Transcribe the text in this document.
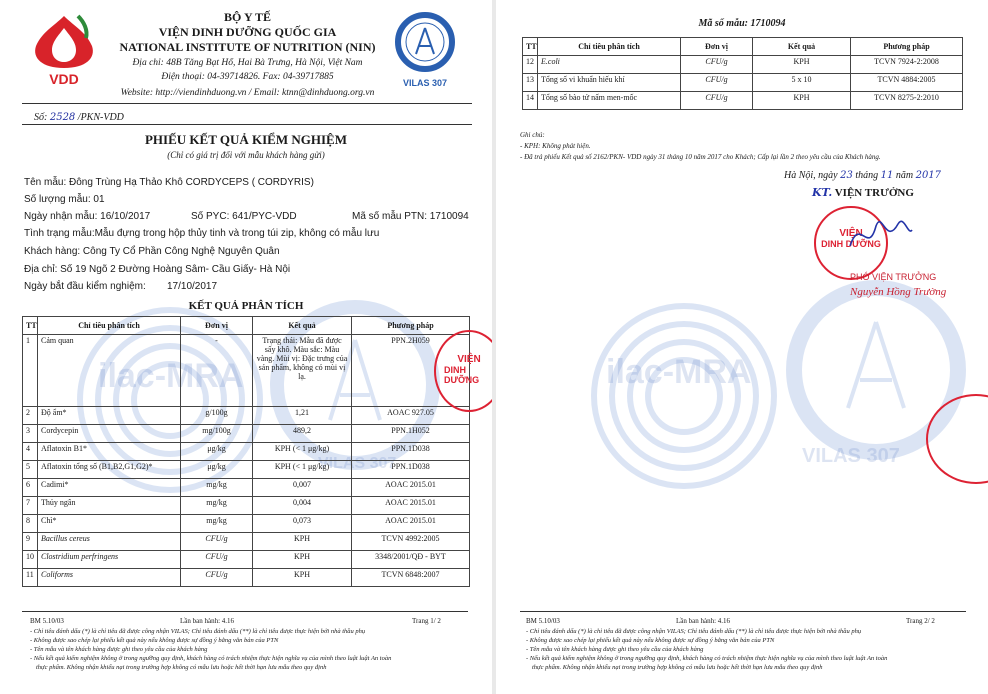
ilac-MRA
VILAS 307
VDD
BỘ Y TẾ
VIỆN DINH DƯỠNG QUỐC GIA
NATIONAL INSTITUTE OF NUTRITION (NIN)
Địa chỉ: 48B Tăng Bạt Hổ, Hai Bà Trưng, Hà Nội, Việt Nam
Điện thoại: 04-39714826. Fax: 04-39717885
Website: http://viendinhduong.vn / Email: ktnn@dinhduong.org.vn
VILAS 307
Số: 2528 /PKN-VDD
PHIẾU KẾT QUẢ KIỂM NGHIỆM
(Chỉ có giá trị đối với mẫu khách hàng gửi)
Tên mẫu: Đông Trùng Hạ Thảo Khô CORDYCEPS ( CORDYRIS)
Số lượng mẫu: 01
Ngày nhận mẫu: 16/10/2017	Số PYC: 641/PYC-VDD	Mã số mẫu PTN: 1710094
Tình trạng mẫu:Mẫu đựng trong hộp thủy tinh và trong túi zip, không có mẫu lưu
Khách hàng: Công Ty Cổ Phần Công Nghệ Nguyên Quân
Địa chỉ: Số 19 Ngõ 2 Đường Hoàng Sâm- Cầu Giấy- Hà Nội
Ngày bắt đầu kiểm nghiệm: 17/10/2017
KẾT QUẢ PHÂN TÍCH
TT	Chỉ tiêu phân tích	Đơn vị	Kết quả	Phương pháp
1	Cảm quan	-	Trạng thái: Mẫu đã được sấy khô. Màu sắc: Màu vàng. Mùi vị: Đặc trưng của sản phẩm, không có mùi vị lạ.	PPN.2H059
2	Độ ẩm*	g/100g	1,21	AOAC 927.05
3	Cordycepin	mg/100g	489,2	PPN.1H052
4	Aflatoxin B1*	μg/kg	KPH (< 1 μg/kg)	PPN.1D038
5	Aflatoxin tổng số (B1,B2,G1,G2)*	μg/kg	KPH (< 1 μg/kg)	PPN.1D038
6	Cadimi*	mg/kg	0,007	AOAC 2015.01
7	Thủy ngân	mg/kg	0,004	AOAC 2015.01
8	Chì*	mg/kg	0,073	AOAC 2015.01
9	Bacillus cereus	CFU/g	KPH	TCVN 4992:2005
10	Clostridium perfringens	CFU/g	KPH	3348/2001/QĐ - BYT
11	Coliforms	CFU/g	KPH	TCVN 6848:2007
VIỆN
DINH DƯỠNG
BM 5.10/03	Lần ban hành: 4.16	Trang 1/ 2
- Chỉ tiêu đánh dấu (*) là chỉ tiêu đã được công nhận VILAS; Chỉ tiêu đánh dấu (**) là chỉ tiêu được thực hiện bởi nhà thầu phụ
- Không được sao chép lại phiếu kết quả này nếu không được sự đồng ý bằng văn bản của PTN
- Tên mẫu và tên khách hàng được ghi theo yêu cầu của khách hàng
- Nếu kết quả kiểm nghiệm không ở trong ngưỡng quy định, khách hàng có trách nhiệm thực hiện nghĩa vụ của mình theo luật luật An toàn
thực phẩm. Không nhận khiếu nại trong trường hợp không có mẫu lưu hoặc hết thời hạn lưu mẫu theo quy định
ilac-MRA
VILAS 307
Mã số mẫu: 1710094
TT	Chỉ tiêu phân tích	Đơn vị	Kết quả	Phương pháp
12	E.coli	CFU/g	KPH	TCVN 7924-2:2008
13	Tổng số vi khuẩn hiếu khí	CFU/g	5 x 10	TCVN 4884:2005
14	Tổng số bào tử nấm men-mốc	CFU/g	KPH	TCVN 8275-2:2010
Ghi chú:
- KPH: Không phát hiện.
- Đã trả phiếu Kết quả số 2162/PKN- VDD ngày 31 tháng 10 năm 2017 cho Khách; Cấp lại lần 2 theo yêu cầu của Khách hàng.
Hà Nội, ngày 23 tháng 11 năm 2017
KT. VIỆN TRƯỞNG
VIỆN
DINH DƯỠNG
PHÓ VIỆN TRƯỞNG
Nguyễn Hồng Trường
BM 5.10/03	Lần ban hành: 4.16	Trang 2/ 2
- Chỉ tiêu đánh dấu (*) là chỉ tiêu đã được công nhận VILAS; Chỉ tiêu đánh dấu (**) là chỉ tiêu được thực hiện bởi nhà thầu phụ
- Không được sao chép lại phiếu kết quả này nếu không được sự đồng ý bằng văn bản của PTN
- Tên mẫu và tên khách hàng được ghi theo yêu cầu của khách hàng
- Nếu kết quả kiểm nghiệm không ở trong ngưỡng quy định, khách hàng có trách nhiệm thực hiện nghĩa vụ của mình theo luật luật An toàn
thực phẩm. Không nhận khiếu nại trong trường hợp không có mẫu lưu hoặc hết thời hạn lưu mẫu theo quy định
